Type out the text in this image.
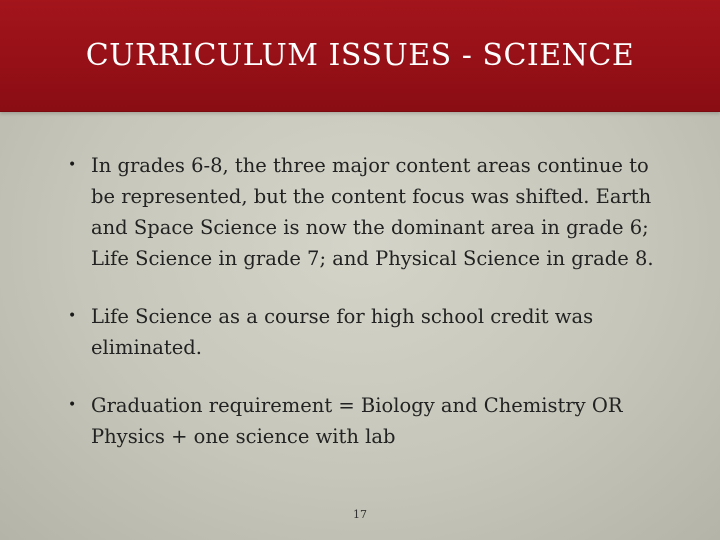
CURRICULUM ISSUES - SCIENCE
• In grades 6-8, the three major content areas continue to be represented, but the content focus was shifted. Earth and Space Science is now the dominant area in grade 6; Life Science in grade 7; and Physical Science in grade 8.
• Life Science as a course for high school credit was eliminated.
• Graduation requirement = Biology and Chemistry OR Physics + one science with lab
17
